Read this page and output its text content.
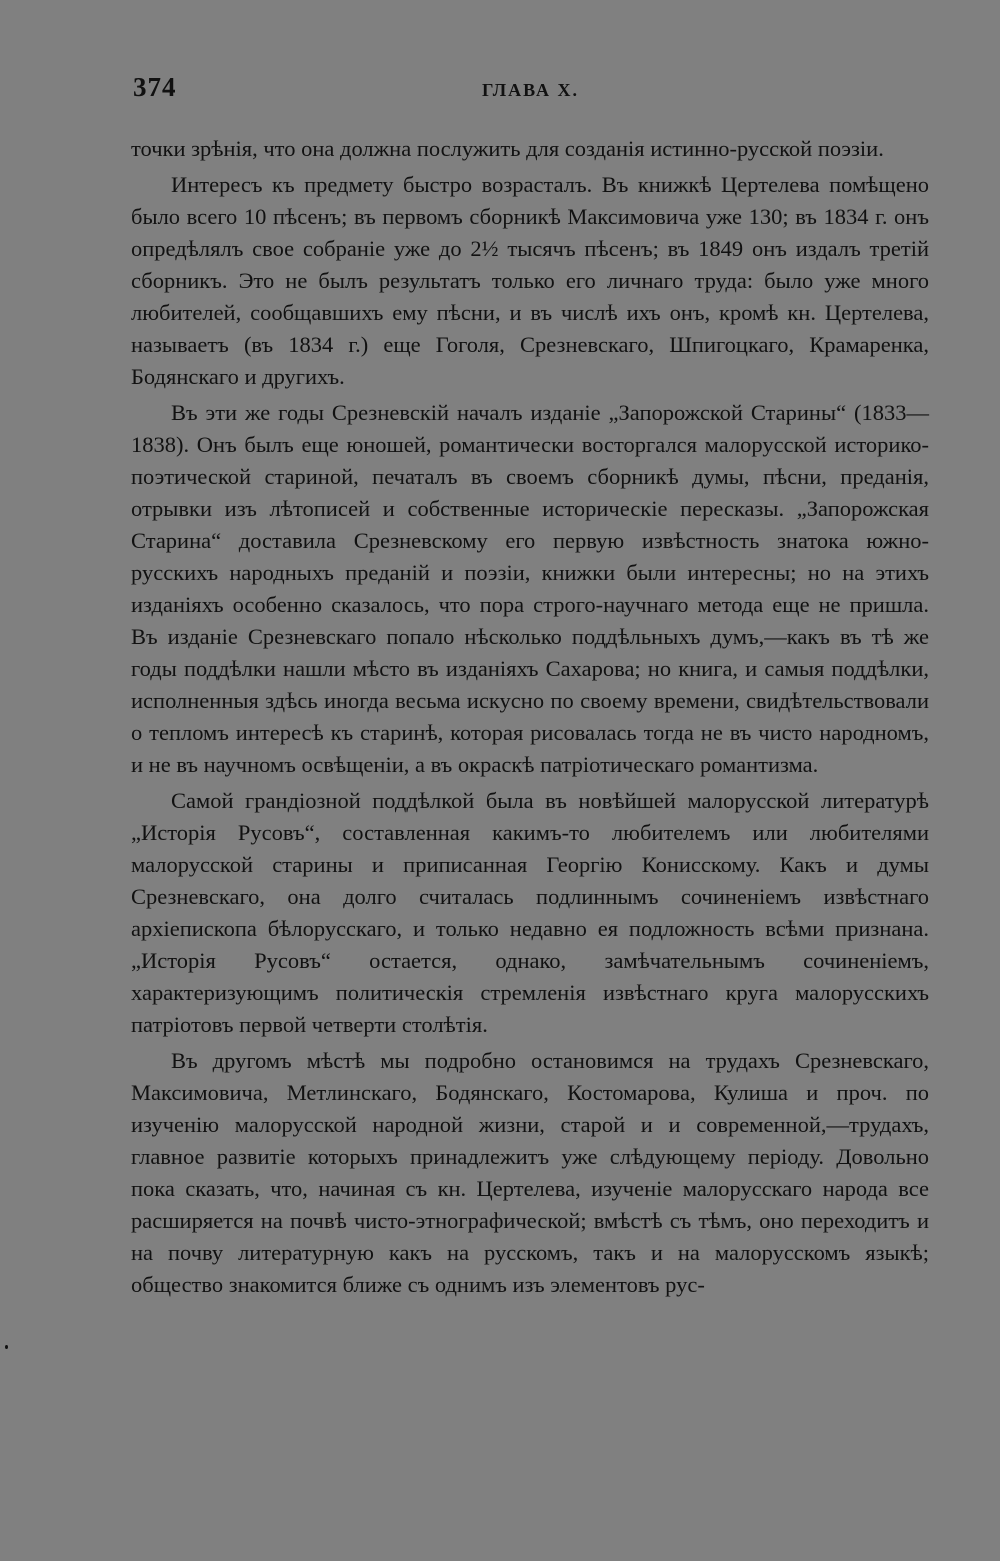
374	ГЛАВА X.

точки зрѣнія, что она должна послужить для созданія истинно-русской поэзіи.

Интересъ къ предмету быстро возрасталъ. Въ книжкѣ Цертелева помѣщено было всего 10 пѣсенъ; въ первомъ сборникѣ Максимовича уже 130; въ 1834 г. онъ опредѣлялъ свое собраніе уже до 2½ тысячъ пѣсенъ; въ 1849 онъ издалъ третій сборникъ. Это не былъ результатъ только его личнаго труда: было уже много любителей, сообщавшихъ ему пѣсни, и въ числѣ ихъ онъ, кромѣ кн. Цертелева, называетъ (въ 1834 г.) еще Гоголя, Срезневскаго, Шпигоцкаго, Крамаренка, Бодянскаго и другихъ.

Въ эти же годы Срезневскій началъ изданіе „Запорожской Старины“ (1833—1838). Онъ былъ еще юношей, романтически восторгался малорусской историко-поэтической стариной, печаталъ въ своемъ сборникѣ думы, пѣсни, преданія, отрывки изъ лѣтописей и собственные историческіе пересказы. „Запорожская Старина“ доставила Срезневскому его первую извѣстность знатока южно-русскихъ народныхъ преданій и поэзіи, книжки были интересны; но на этихъ изданіяхъ особенно сказалось, что пора строго-научнаго метода еще не пришла. Въ изданіе Срезневскаго попало нѣсколько поддѣльныхъ думъ,—какъ въ тѣ же годы поддѣлки нашли мѣсто въ изданіяхъ Сахарова; но книга, и самыя поддѣлки, исполненныя здѣсь иногда весьма искусно по своему времени, свидѣтельствовали о тепломъ интересѣ къ старинѣ, которая рисовалась тогда не въ чисто народномъ, и не въ научномъ освѣщеніи, а въ окраскѣ патріотическаго романтизма.

Самой грандіозной поддѣлкой была въ новѣйшей малорусской литературѣ „Исторія Русовъ“, составленная какимъ-то любителемъ или любителями малорусской старины и приписанная Георгію Конисскому. Какъ и думы Срезневскаго, она долго считалась подлиннымъ сочиненіемъ извѣстнаго архіепископа бѣлорусскаго, и только недавно ея подложность всѣми признана. „Исторія Русовъ“ остается, однако, замѣчательнымъ сочиненіемъ, характеризующимъ политическія стремленія извѣстнаго круга малорусскихъ патріотовъ первой четверти столѣтія.

Въ другомъ мѣстѣ мы подробно остановимся на трудахъ Срезневскаго, Максимовича, Метлинскаго, Бодянскаго, Костомарова, Кулиша и проч. по изученію малорусской народной жизни, старой и и современной,—трудахъ, главное развитіе которыхъ принадлежитъ уже слѣдующему періоду. Довольно пока сказать, что, начиная съ кн. Цертелева, изученіе малорусскаго народа все расширяется на почвѣ чисто-этнографической; вмѣстѣ съ тѣмъ, оно переходитъ и на почву литературную какъ на русскомъ, такъ и на малорусскомъ языкѣ; общество знакомится ближе съ однимъ изъ элементовъ рус-
